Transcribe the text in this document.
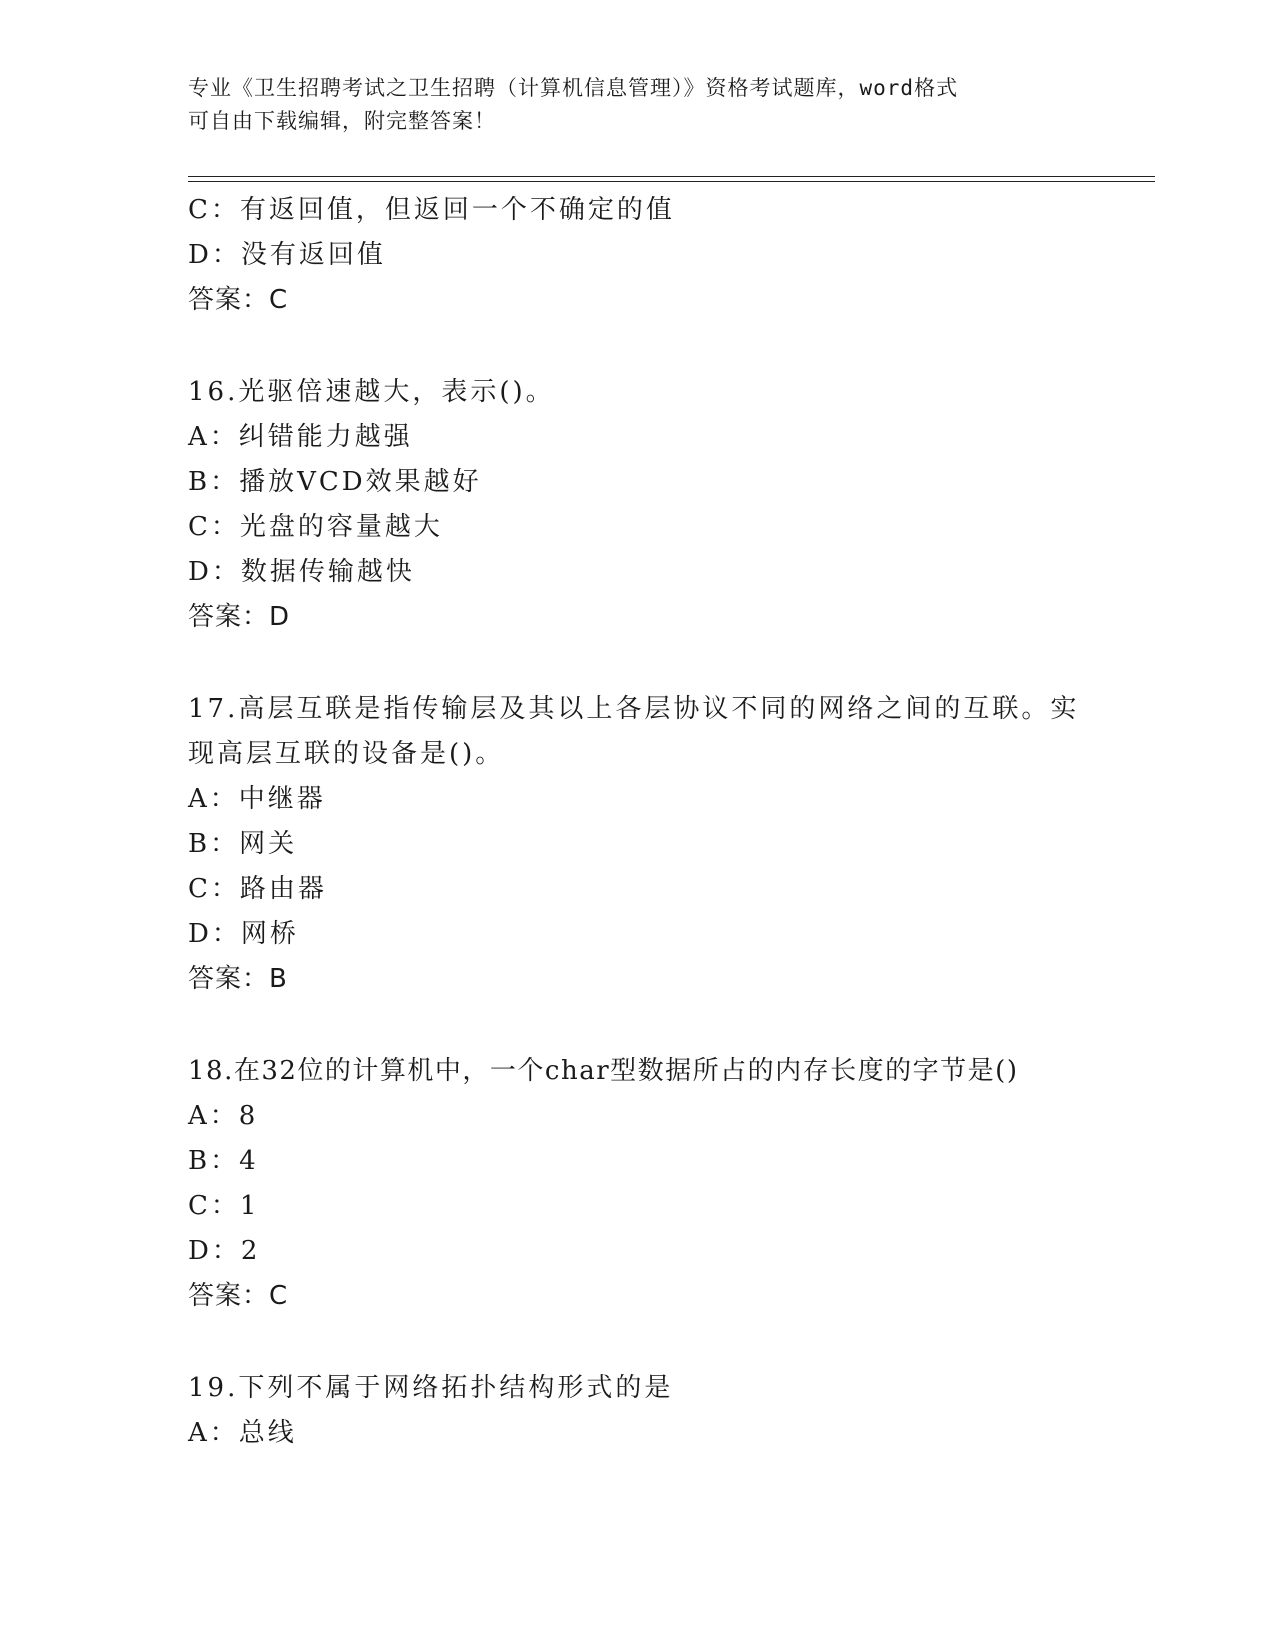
专业《卫生招聘考试之卫生招聘（计算机信息管理）》资格考试题库，word格式
可自由下载编辑，附完整答案！
C：有返回值，但返回一个不确定的值
D：没有返回值
答案：C
16.光驱倍速越大，表示()。
A：纠错能力越强
B：播放VCD效果越好
C：光盘的容量越大
D：数据传输越快
答案：D
17.高层互联是指传输层及其以上各层协议不同的网络之间的互联。实
现高层互联的设备是()。
A：中继器
B：网关
C：路由器
D：网桥
答案：B
18.在32位的计算机中，一个char型数据所占的内存长度的字节是()
A：8
B：4
C：1
D：2
答案：C
19.下列不属于网络拓扑结构形式的是
A：总线
